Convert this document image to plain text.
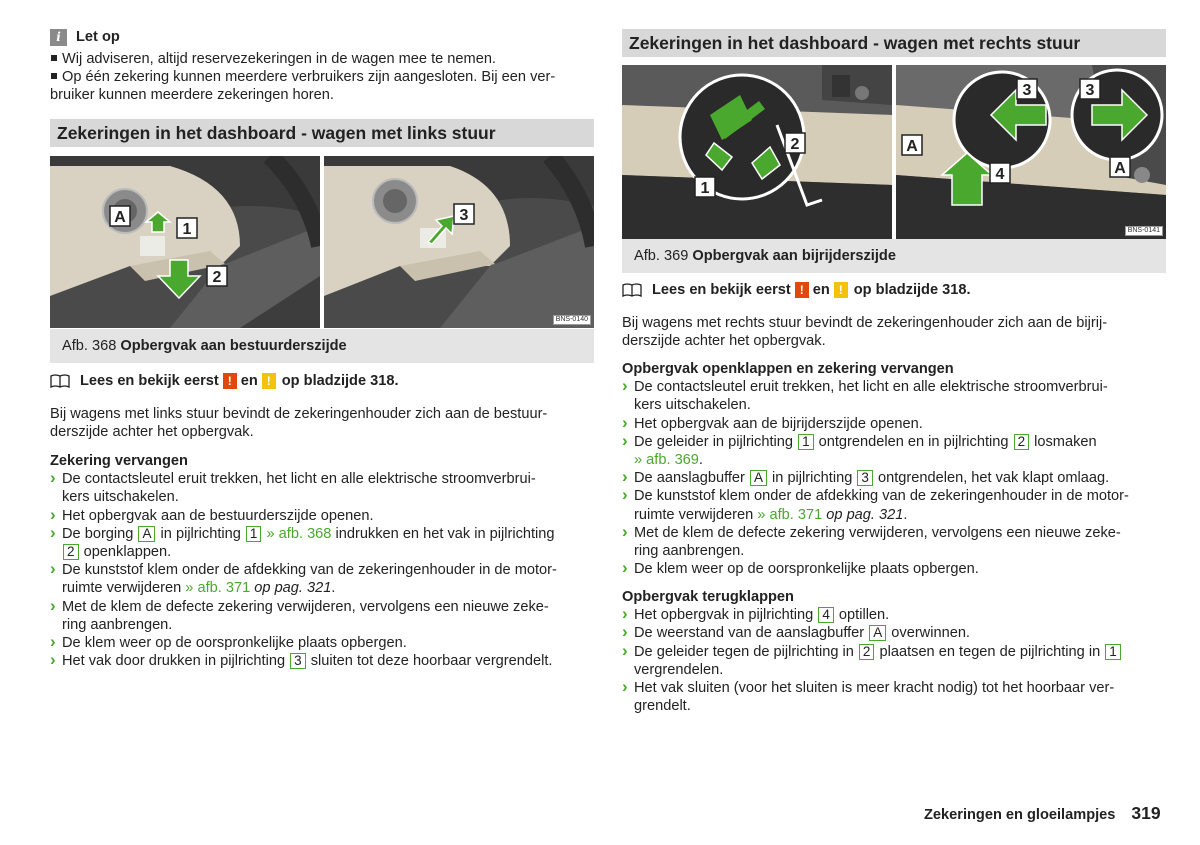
i	Let op
Wij adviseren, altijd reservezekeringen in de wagen mee te nemen.
Op één zekering kunnen meerdere verbruikers zijn aangesloten. Bij een ver-
bruiker kunnen meerdere zekeringen horen.
Zekeringen in het dashboard - wagen met links stuur
A
1
2
3
BNS-0140
Afb. 368 Opbergvak aan bestuurderszijde
Lees en bekijk eerst ! en ! op bladzijde 318.
Bij wagens met links stuur bevindt de zekeringenhouder zich aan de bestuur-
derszijde achter het opbergvak.
Zekering vervangen
› De contactsleutel eruit trekken, het licht en alle elektrische stroomverbrui-
kers uitschakelen.
› Het opbergvak aan de bestuurderszijde openen.
› De borging A in pijlrichting 1 » afb. 368 indrukken en het vak in pijlrichting
2 openklappen.
› De kunststof klem onder de afdekking van de zekeringenhouder in de motor-
ruimte verwijderen » afb. 371 op pag. 321.
› Met de klem de defecte zekering verwijderen, vervolgens een nieuwe zeke-
ring aanbrengen.
› De klem weer op de oorspronkelijke plaats opbergen.
› Het vak door drukken in pijlrichting 3 sluiten tot deze hoorbaar vergrendelt.
Zekeringen in het dashboard - wagen met rechts stuur
1
2	A
3
4
3
A
BNS-0141
Afb. 369 Opbergvak aan bijrijderszijde
Lees en bekijk eerst ! en ! op bladzijde 318.
Bij wagens met rechts stuur bevindt de zekeringenhouder zich aan de bijrij-
derszijde achter het opbergvak.
Opbergvak openklappen en zekering vervangen
› De contactsleutel eruit trekken, het licht en alle elektrische stroomverbrui-
kers uitschakelen.
› Het opbergvak aan de bijrijderszijde openen.
› De geleider in pijlrichting 1 ontgrendelen en in pijlrichting 2 losmaken
» afb. 369.
› De aanslagbuffer A in pijlrichting 3 ontgrendelen, het vak klapt omlaag.
› De kunststof klem onder de afdekking van de zekeringenhouder in de motor-
ruimte verwijderen » afb. 371 op pag. 321.
› Met de klem de defecte zekering verwijderen, vervolgens een nieuwe zeke-
ring aanbrengen.
› De klem weer op de oorspronkelijke plaats opbergen.
Opbergvak terugklappen
› Het opbergvak in pijlrichting 4 optillen.
› De weerstand van de aanslagbuffer A overwinnen.
› De geleider tegen de pijlrichting in 2 plaatsen en tegen de pijlrichting in 1
vergrendelen.
› Het vak sluiten (voor het sluiten is meer kracht nodig) tot het hoorbaar ver-
grendelt.
Zekeringen en gloeilampjes 319
